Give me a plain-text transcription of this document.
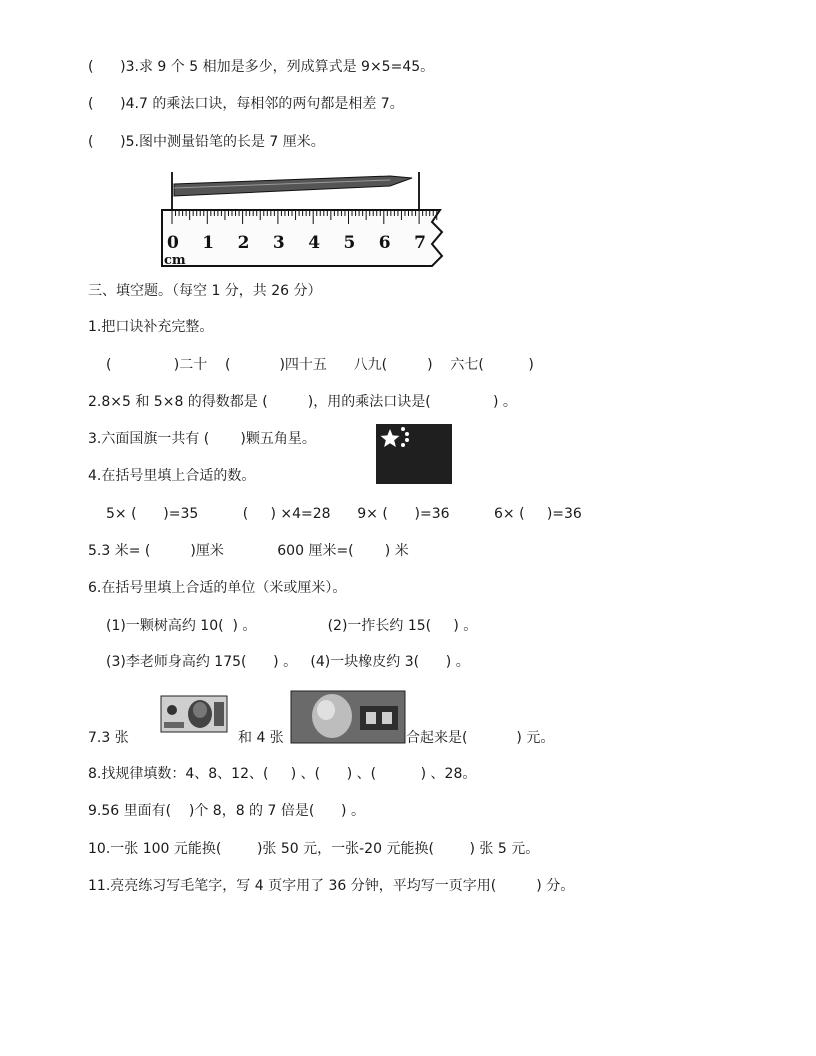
(      )3.求 9 个 5 相加是多少，列成算式是 9×5=45。
(      )4.7 的乘法口诀，每相邻的两句都是相差 7。
(      )5.图中测量铅笔的长是 7 厘米。
0 1 2 3 4 5 6 7
cm
三、填空题。（每空 1 分，共 26 分）
1.把口诀补充完整。
(              )二十    (           )四十五      八九(         )    六七(          )
2.8×5 和 5×8 的得数都是 (         )，用的乘法口诀是(              ) 。
3.六面国旗一共有 (       )颗五角星。
4.在括号里填上合适的数。
5× (      )=35          (     ) ×4=28      9× (      )=36          6× (     )=36
5.3 米= (         )厘米            600 厘米=(       ) 米
6.在括号里填上合适的单位（米或厘米）。
(1)一颗树高约 10(  ) 。                (2)一拃长约 15(     ) 。
(3)李老师身高约 175(      ) 。   (4)一块橡皮约 3(      ) 。
7.3 张	和 4 张	合起来是(           ) 元。
8.找规律填数：4、8、12、(     ) 、(      ) 、(          ) 、28。
9.56 里面有(    )个 8，8 的 7 倍是(      ) 。
10.一张 100 元能换(        )张 50 元，一张-20 元能换(        ) 张 5 元。
11.亮亮练习写毛笔字，写 4 页字用了 36 分钟，平均写一页字用(         ) 分。
